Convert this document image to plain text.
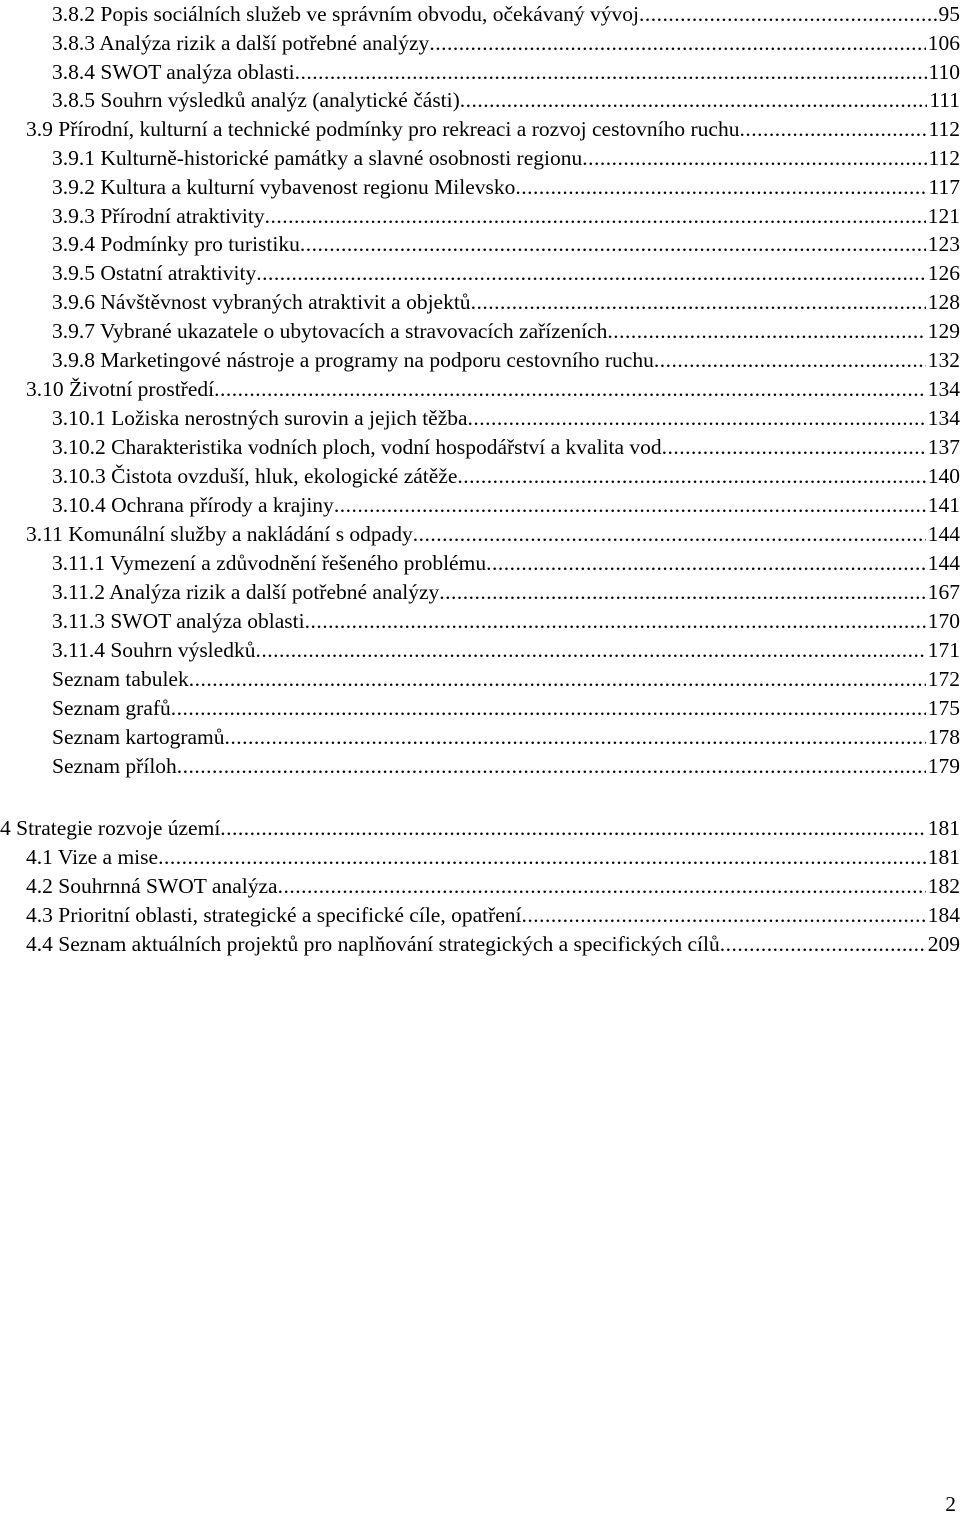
3.8.2 Popis sociálních služeb ve správním obvodu, očekávaný vývoj .....	95
3.8.3 Analýza rizik a další potřebné analýzy .....	106
3.8.4 SWOT analýza oblasti .....	110
3.8.5 Souhrn výsledků analýz (analytické části) .....	111
3.9 Přírodní, kulturní a technické podmínky pro rekreaci a rozvoj cestovního ruchu .....	112
3.9.1 Kulturně-historické památky a slavné osobnosti regionu .....	112
3.9.2 Kultura a kulturní vybavenost regionu Milevsko .....	117
3.9.3 Přírodní atraktivity .....	121
3.9.4 Podmínky pro turistiku .....	123
3.9.5 Ostatní atraktivity .....	126
3.9.6 Návštěvnost vybraných atraktivit a objektů .....	128
3.9.7 Vybrané ukazatele o ubytovacích a stravovacích zařízeních .....	129
3.9.8 Marketingové nástroje a programy na podporu cestovního ruchu .....	132
3.10 Životní prostředí .....	134
3.10.1 Ložiska nerostných surovin a jejich těžba .....	134
3.10.2 Charakteristika vodních ploch, vodní hospodářství a kvalita vod .....	137
3.10.3 Čistota ovzduší, hluk, ekologické zátěže .....	140
3.10.4 Ochrana přírody a krajiny .....	141
3.11 Komunální služby a nakládání s odpady .....	144
3.11.1 Vymezení a zdůvodnění řešeného problému .....	144
3.11.2 Analýza rizik a další potřebné analýzy .....	167
3.11.3 SWOT analýza oblasti .....	170
3.11.4 Souhrn výsledků .....	171
Seznam tabulek .....	172
Seznam grafů .....	175
Seznam kartogramů .....	178
Seznam příloh .....	179
4 Strategie rozvoje území .....	181
4.1 Vize a mise .....	181
4.2 Souhrnná SWOT analýza .....	182
4.3 Prioritní oblasti, strategické a specifické cíle, opatření .....	184
4.4 Seznam aktuálních projektů pro naplňování strategických a specifických cílů .....	209
2
